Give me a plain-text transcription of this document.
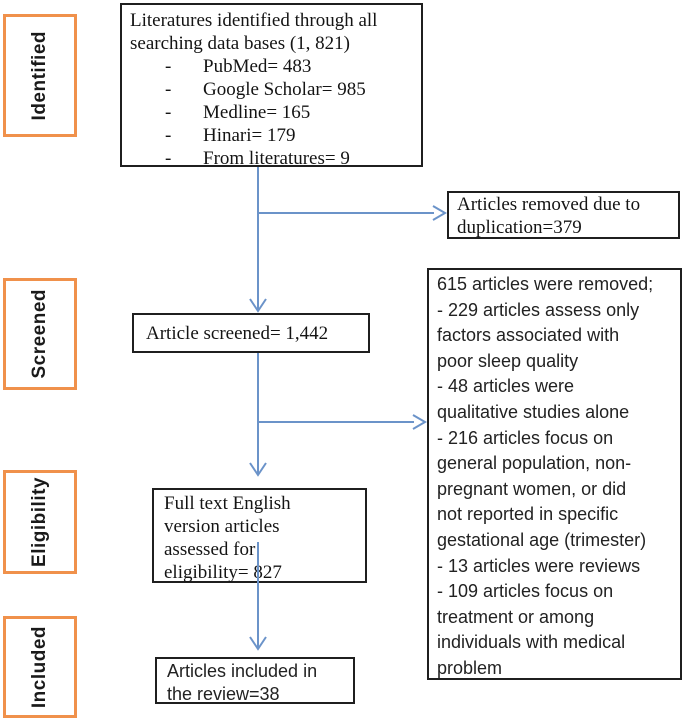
Identified
Screened
Eligibility
Included
Literatures identified through all
searching data bases (1, 821)
-	PubMed= 483
-	Google Scholar= 985
-	Medline= 165
-	Hinari= 179
-	From literatures= 9
Articles removed due to
duplication=379
Article screened= 1,442
615 articles were removed;
- 229 articles assess only
factors associated with
poor sleep quality
- 48 articles were
qualitative studies alone
- 216 articles focus on
general population, non-
pregnant women, or did
not reported in specific
gestational age (trimester)
- 13 articles were reviews
- 109 articles focus on
treatment or among
individuals with medical
problem
Full text English
version articles
assessed for
eligibility= 827
Articles included in
the review=38
